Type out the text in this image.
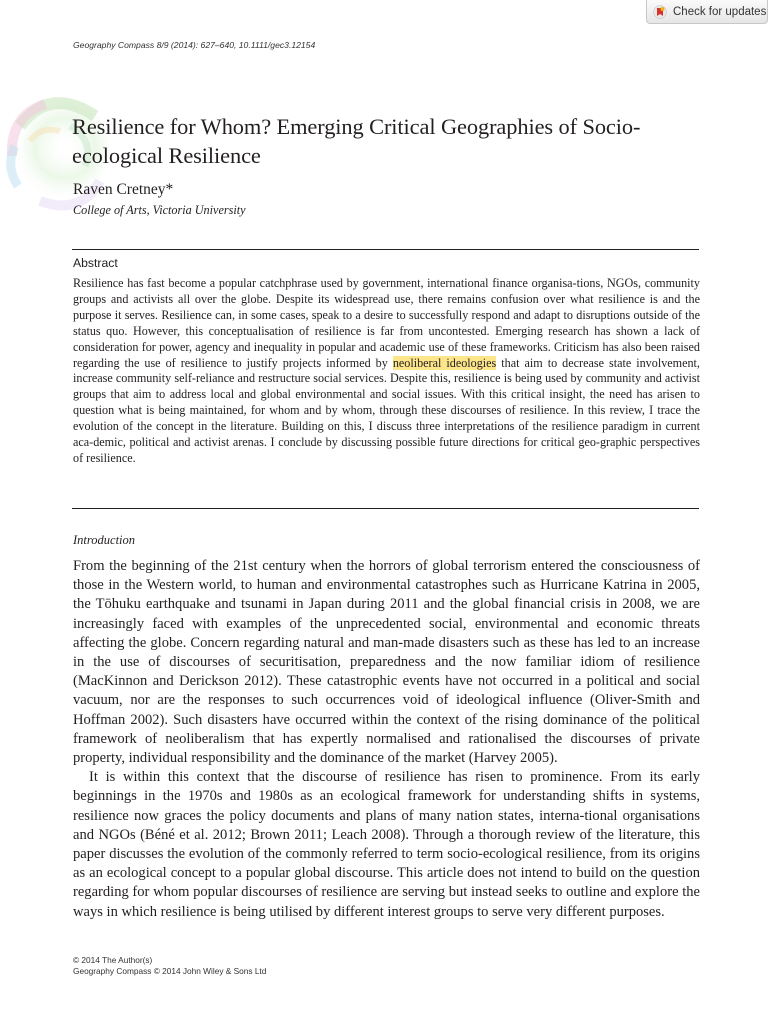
Check for updates
Geography Compass 8/9 (2014): 627–640, 10.1111/gec3.12154
Resilience for Whom? Emerging Critical Geographies of Socio-ecological Resilience
Raven Cretney*
College of Arts, Victoria University
Abstract

Resilience has fast become a popular catchphrase used by government, international finance organisa-tions, NGOs, community groups and activists all over the globe. Despite its widespread use, there remains confusion over what resilience is and the purpose it serves. Resilience can, in some cases, speak to a desire to successfully respond and adapt to disruptions outside of the status quo. However, this conceptualisation of resilience is far from uncontested. Emerging research has shown a lack of consideration for power, agency and inequality in popular and academic use of these frameworks. Criticism has also been raised regarding the use of resilience to justify projects informed by neoliberal ideologies that aim to decrease state involvement, increase community self-reliance and restructure social services. Despite this, resilience is being used by community and activist groups that aim to address local and global environmental and social issues. With this critical insight, the need has arisen to question what is being maintained, for whom and by whom, through these discourses of resilience. In this review, I trace the evolution of the concept in the literature. Building on this, I discuss three interpretations of the resilience paradigm in current aca-demic, political and activist arenas. I conclude by discussing possible future directions for critical geo-graphic perspectives of resilience.

Introduction

From the beginning of the 21st century when the horrors of global terrorism entered the consciousness of those in the Western world, to human and environmental catastrophes such as Hurricane Katrina in 2005, the Tōhuku earthquake and tsunami in Japan during 2011 and the global financial crisis in 2008, we are increasingly faced with examples of the unprecedented social, environmental and economic threats affecting the globe. Concern regarding natural and man-made disasters such as these has led to an increase in the use of discourses of securitisation, preparedness and the now familiar idiom of resilience (MacKinnon and Derickson 2012). These catastrophic events have not occurred in a political and social vacuum, nor are the responses to such occurrences void of ideological influence (Oliver-Smith and Hoffman 2002). Such disasters have occurred within the context of the rising dominance of the political framework of neoliberalism that has expertly normalised and rationalised the discourses of private property, individual responsibility and the dominance of the market (Harvey 2005).

It is within this context that the discourse of resilience has risen to prominence. From its early beginnings in the 1970s and 1980s as an ecological framework for understanding shifts in systems, resilience now graces the policy documents and plans of many nation states, interna-tional organisations and NGOs (Béné et al. 2012; Brown 2011; Leach 2008). Through a thorough review of the literature, this paper discusses the evolution of the commonly referred to term socio-ecological resilience, from its origins as an ecological concept to a popular global discourse. This article does not intend to build on the question regarding for whom popular discourses of resilience are serving but instead seeks to outline and explore the ways in which resilience is being utilised by different interest groups to serve very different purposes.

© 2014 The Author(s)
Geography Compass © 2014 John Wiley & Sons Ltd
